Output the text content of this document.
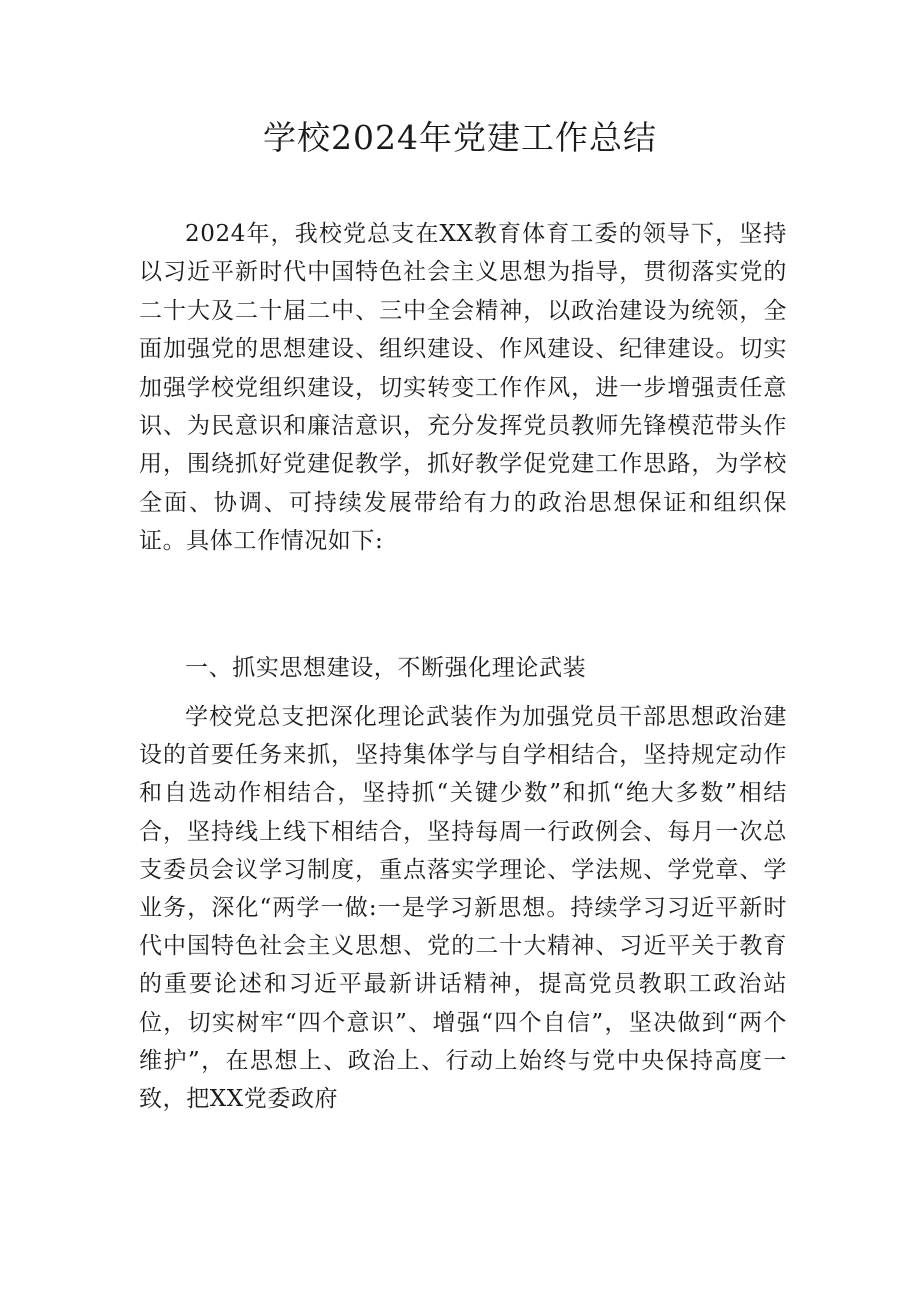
学校2024年党建工作总结

2024年，我校党总支在XX教育体育工委的领导下，坚持以习近平新时代中国特色社会主义思想为指导，贯彻落实党的二十大及二十届二中、三中全会精神，以政治建设为统领，全面加强党的思想建设、组织建设、作风建设、纪律建设。切实加强学校党组织建设，切实转变工作作风，进一步增强责任意识、为民意识和廉洁意识，充分发挥党员教师先锋模范带头作用，围绕抓好党建促教学，抓好教学促党建工作思路，为学校全面、协调、可持续发展带给有力的政治思想保证和组织保证。具体工作情况如下:

一、抓实思想建设，不断强化理论武装

学校党总支把深化理论武装作为加强党员干部思想政治建设的首要任务来抓，坚持集体学与自学相结合，坚持规定动作和自选动作相结合，坚持抓“关键少数”和抓“绝大多数”相结合，坚持线上线下相结合，坚持每周一行政例会、每月一次总支委员会议学习制度，重点落实学理论、学法规、学党章、学业务，深化“两学一做:一是学习新思想。持续学习习近平新时代中国特色社会主义思想、党的二十大精神、习近平关于教育的重要论述和习近平最新讲话精神，提高党员教职工政治站位，切实树牢“四个意识”、增强“四个自信”，坚决做到“两个维护”，在思想上、政治上、行动上始终与党中央保持高度一致，把XX党委政府
